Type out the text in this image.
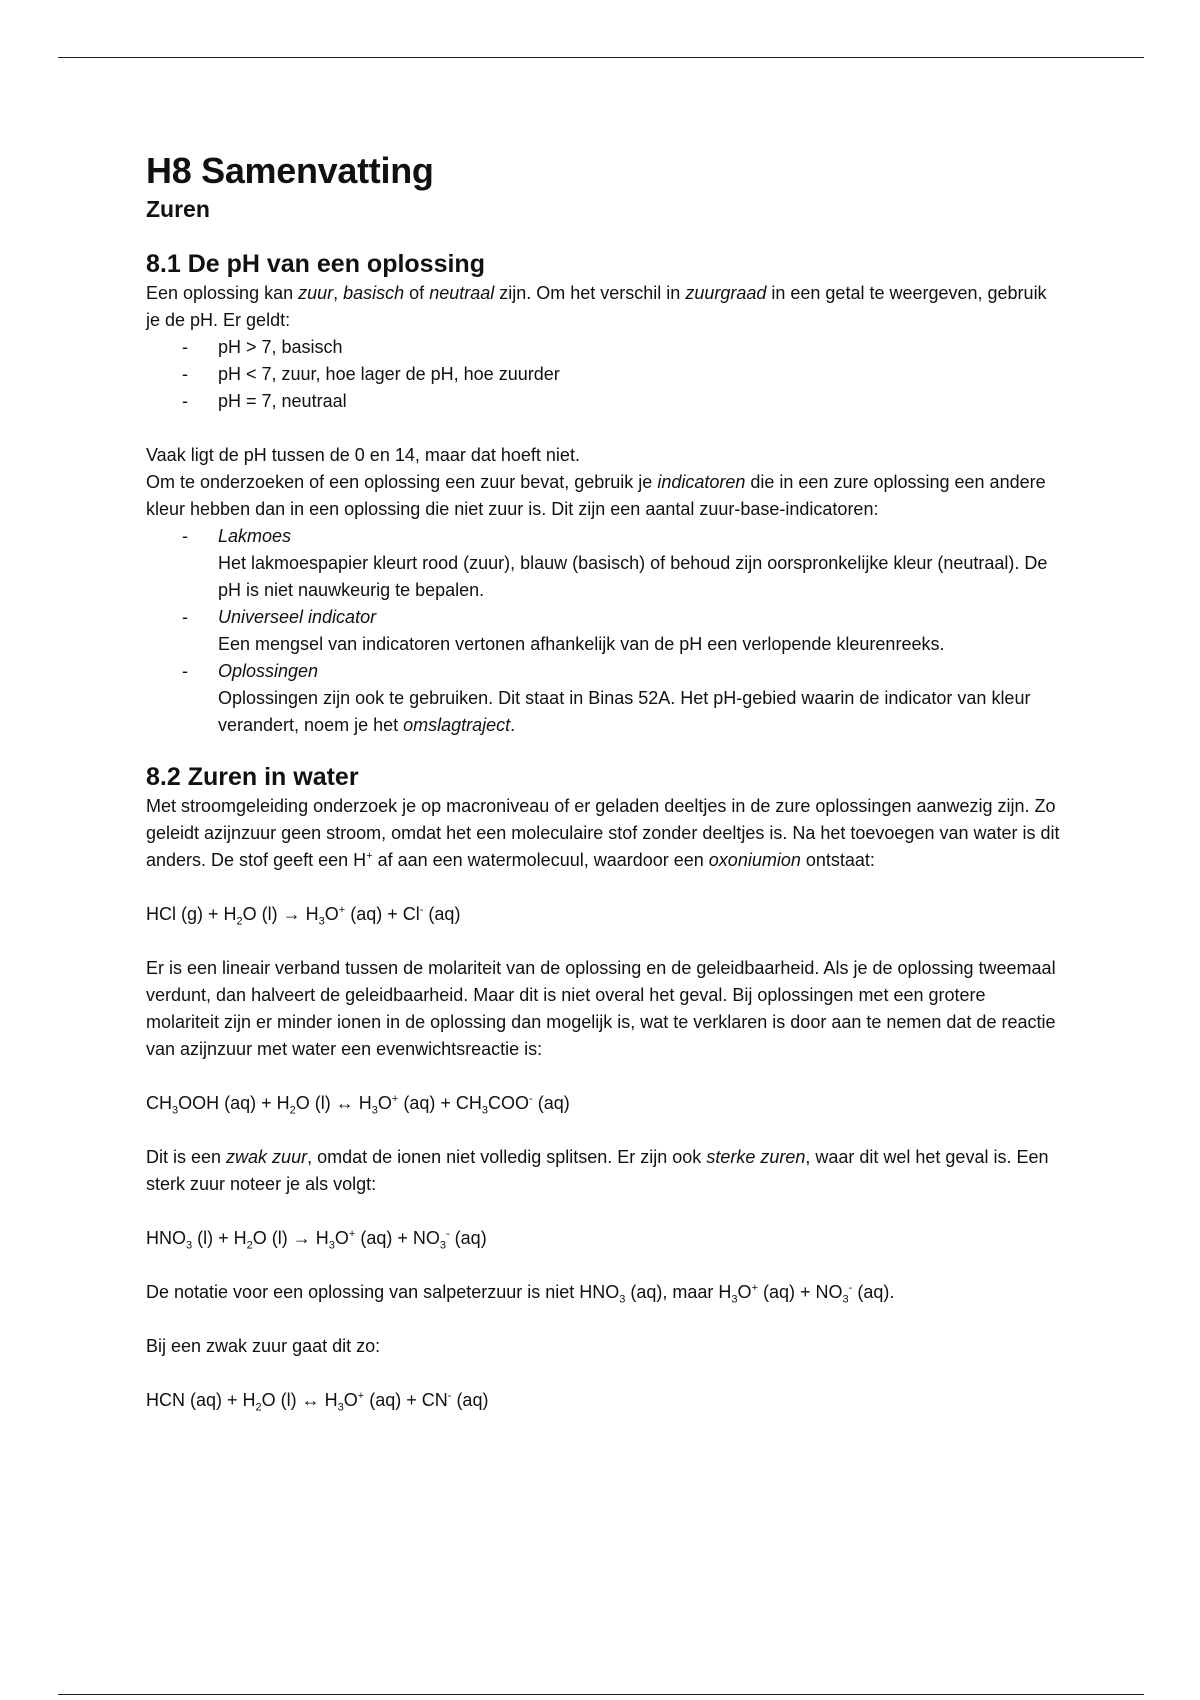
H8 Samenvatting
Zuren
8.1 De pH van een oplossing

Een oplossing kan zuur, basisch of neutraal zijn. Om het verschil in zuurgraad in een getal te weergeven, gebruik je de pH. Er geldt:

- pH > 7, basisch
- pH < 7, zuur, hoe lager de pH, hoe zuurder
- pH = 7, neutraal

Vaak ligt de pH tussen de 0 en 14, maar dat hoeft niet.

Om te onderzoeken of een oplossing een zuur bevat, gebruik je indicatoren die in een zure oplossing een andere kleur hebben dan in een oplossing die niet zuur is. Dit zijn een aantal zuur-base-indicatoren:

- Lakmoes
Het lakmoespapier kleurt rood (zuur), blauw (basisch) of behoud zijn oorspronkelijke kleur (neutraal). De pH is niet nauwkeurig te bepalen.
- Universeel indicator
Een mengsel van indicatoren vertonen afhankelijk van de pH een verlopende kleurenreeks.
- Oplossingen
Oplossingen zijn ook te gebruiken. Dit staat in Binas 52A. Het pH-gebied waarin de indicator van kleur verandert, noem je het omslagtraject.
8.2 Zuren in water

Met stroomgeleiding onderzoek je op macroniveau of er geladen deeltjes in de zure oplossingen aanwezig zijn. Zo geleidt azijnzuur geen stroom, omdat het een moleculaire stof zonder deeltjes is. Na het toevoegen van water is dit anders. De stof geeft een H+ af aan een watermolecuul, waardoor een oxoniumion ontstaat:

HCl $(g) + H_2O$ $(l) \to H_3O^+$ (aq) + Cl- (aq)

Er is een lineair verband tussen de molariteit van de oplossing en de geleidbaarheid. Als je de oplossing tweemaal verdunt, dan halveert de geleidbaarheid. Maar dit is niet overal het geval. Bij oplossingen met een grotere molariteit zijn er minder ionen in de oplossing dan mogelijk is, wat te verklaren is door aan te nemen dat de reactie van azijnzuur met water een evenwichtsreactie is:

$CH_3OOH$ $(aq) + H_2O$ (l) ↔ $H_3O^+$ $(aq) + CH_3COO^-$ (aq)

Dit is een zwak zuur, omdat de ionen niet volledig splitsen. Er zijn ook sterke zuren, waar dit wel het geval is. Een sterk zuur noteer je als volgt:

$HNO_3$ $(l) + H_2O$ $(l) \to H_3O^+$ $(aq) + NO_3^-$ (aq)

De notatie voor een oplossing van salpeterzuur is niet $HNO_3$ (aq), maar $H_3O^+$ $(aq) + NO_3^-$ (aq).

Bij een zwak zuur gaat dit zo:

HCN $(aq) + H_2O$ (l) ↔ $H_3O^+$ (aq) + CN- (aq)
